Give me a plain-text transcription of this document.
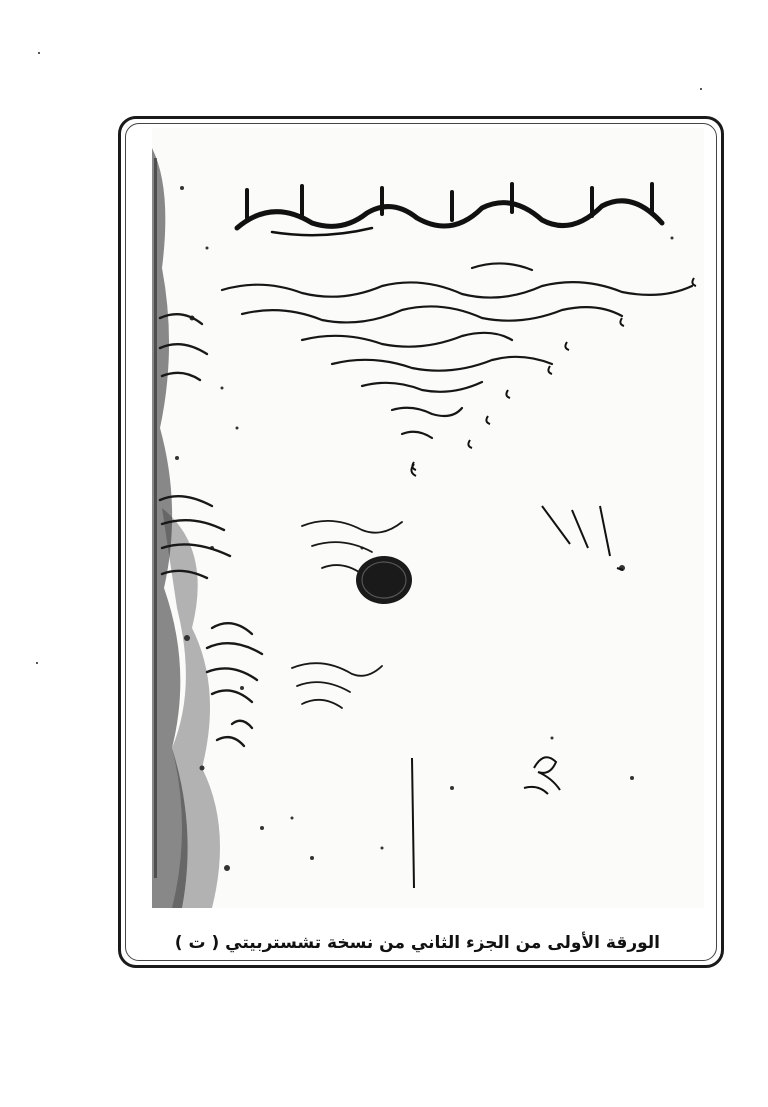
الورقة الأولى من الجزء الثاني من نسخة تشستربيتي ( ت )
